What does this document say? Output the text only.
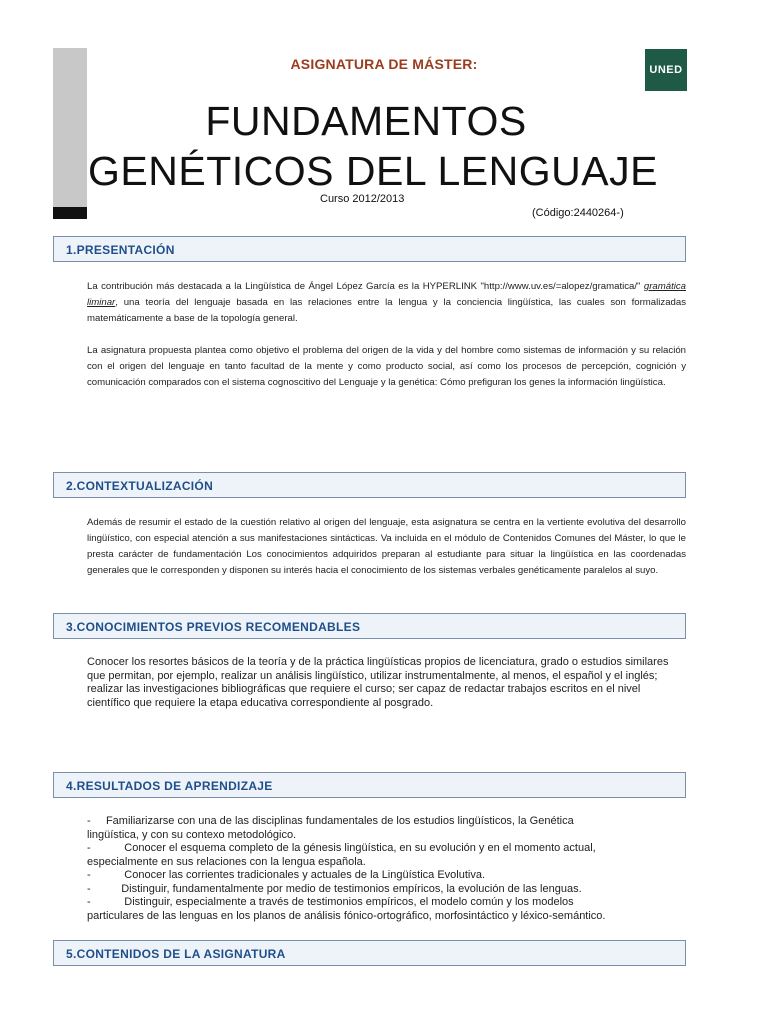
ASIGNATURA DE MÁSTER:	UNED
FUNDAMENTOS
GENÉTICOS DEL LENGUAJE
Curso 2012/2013
(Código:2440264-)
1.PRESENTACIÓN
La contribución más destacada a la Lingüística de Ángel López García es la HYPERLINK "http://www.uv.es/=alopez/gramatica/" gramática liminar, una teoría del lenguaje basada en las relaciones entre la lengua y la conciencia lingüística, las cuales son formalizadas matemáticamente a base de la topología general.
La asignatura propuesta plantea como objetivo el problema del origen de la vida y del hombre como sistemas de información y su relación con el origen del lenguaje en tanto facultad de la mente y como producto social, así como los procesos de percepción, cognición y comunicación comparados con el sistema cognoscitivo del Lenguaje y la genética: Cómo prefiguran los genes la información lingüística.
2.CONTEXTUALIZACIÓN
Además de resumir el estado de la cuestión relativo al origen del lenguaje, esta asignatura se centra en la vertiente evolutiva del desarrollo lingüístico, con especial atención a sus manifestaciones sintácticas. Va incluida en el módulo de Contenidos Comunes del Máster, lo que le presta carácter de fundamentación Los conocimientos adquiridos preparan al estudiante para situar la lingüística en las coordenadas generales que le corresponden y disponen su interés hacia el conocimiento de los sistemas verbales genéticamente paralelos al suyo.
3.CONOCIMIENTOS PREVIOS RECOMENDABLES
Conocer los resortes básicos de la teoría y de la práctica lingüísticas propios de licenciatura, grado o estudios similares que permitan, por ejemplo, realizar un análisis lingüístico, utilizar instrumentalmente, al menos, el español y el inglés; realizar las investigaciones bibliográficas que requiere el curso; ser capaz de redactar trabajos escritos en el nivel científico que requiere la etapa educativa correspondiente al posgrado.
4.RESULTADOS DE APRENDIZAJE
-     Familiarizarse con una de las disciplinas fundamentales de los estudios lingüísticos, la Genética
lingüística, y con su contexo metodológico.
-           Conocer el esquema completo de la génesis lingüística, en su evolución y en el momento actual,
especialmente en sus relaciones con la lengua española.
-           Conocer las corrientes tradicionales y actuales de la Lingüística Evolutiva.
-          Distinguir, fundamentalmente por medio de testimonios empíricos, la evolución de las lenguas.
-           Distinguir, especialmente a través de testimonios empíricos, el modelo común y los modelos
particulares de las lenguas en los planos de análisis fónico-ortográfico, morfosintáctico y léxico-semántico.
5.CONTENIDOS DE LA ASIGNATURA
